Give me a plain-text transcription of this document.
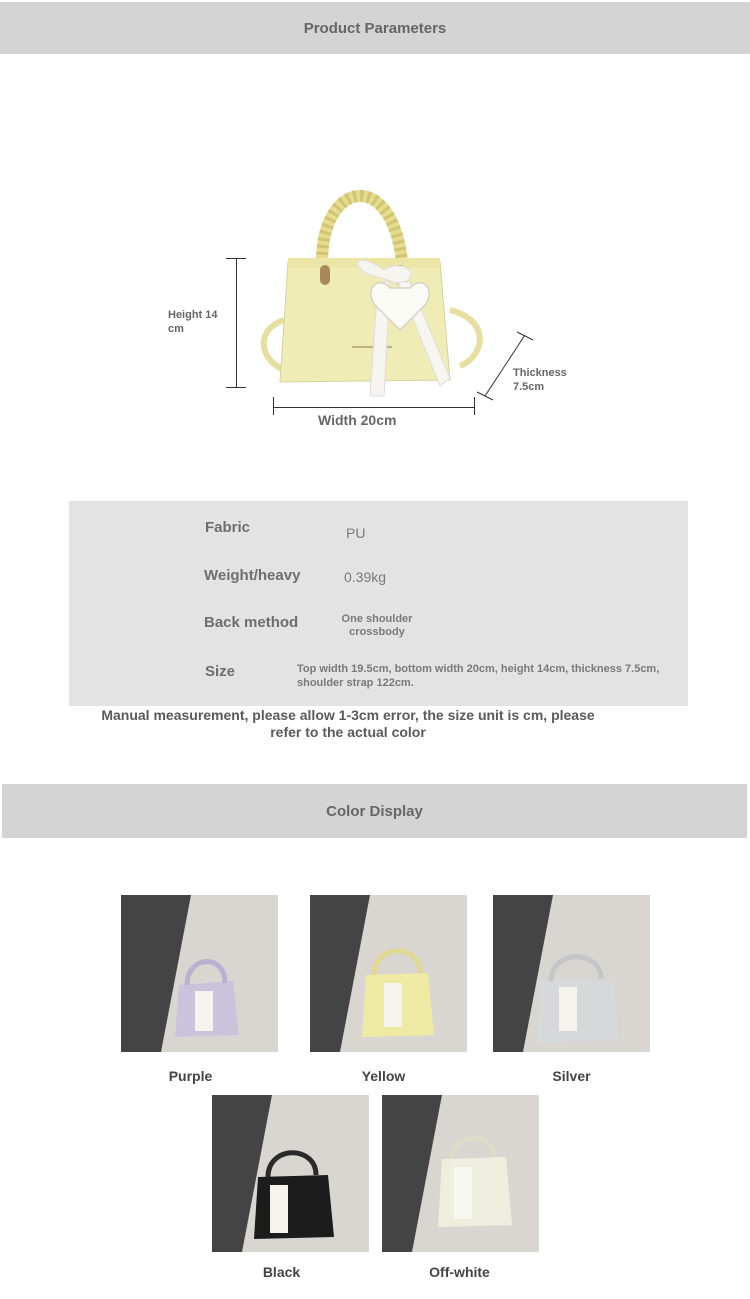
Product Parameters
Height 14 cm
Width 20cm
Thickness 7.5cm
Fabric	PU
Weight/heavy	0.39kg
Back method	One shoulder crossbody
Size	Top width 19.5cm, bottom width 20cm, height 14cm, thickness 7.5cm, shoulder strap 122cm.
Manual measurement, please allow 1-3cm error, the size unit is cm, please refer to the actual color
Color Display
Purple	Yellow	Silver
Black	Off-white
